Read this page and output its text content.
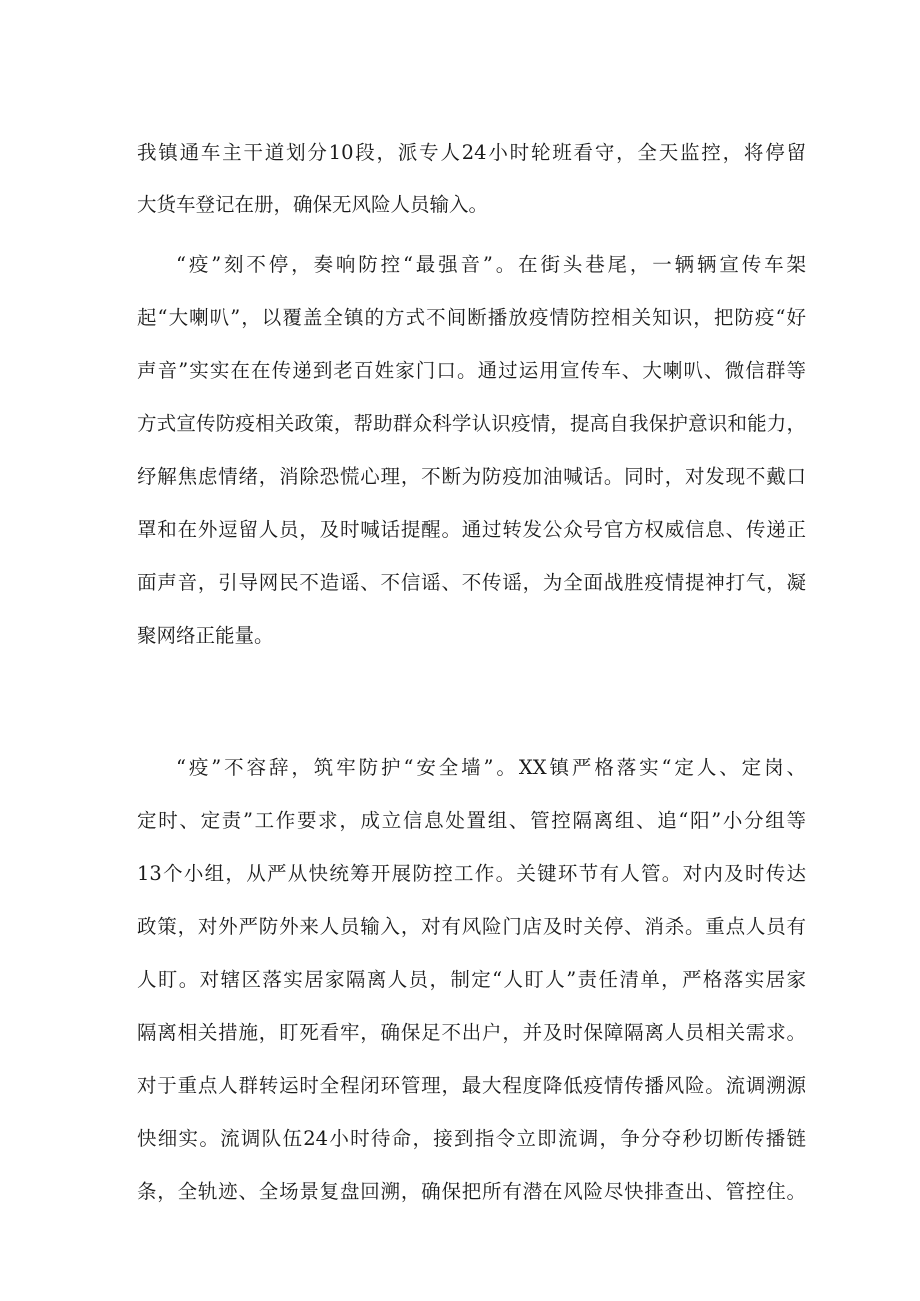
我镇通车主干道划分10段，派专人24小时轮班看守，全天监控，将停留
大货车登记在册，确保无风险人员输入。
“疫”刻不停，奏响防控“最强音”。在街头巷尾，一辆辆宣传车架
起“大喇叭”，以覆盖全镇的方式不间断播放疫情防控相关知识，把防疫“好
声音”实实在在传递到老百姓家门口。通过运用宣传车、大喇叭、微信群等
方式宣传防疫相关政策，帮助群众科学认识疫情，提高自我保护意识和能力，
纾解焦虑情绪，消除恐慌心理，不断为防疫加油喊话。同时，对发现不戴口
罩和在外逗留人员，及时喊话提醒。通过转发公众号官方权威信息、传递正
面声音，引导网民不造谣、不信谣、不传谣，为全面战胜疫情提神打气，凝
聚网络正能量。
“疫”不容辞，筑牢防护“安全墙”。XX镇严格落实“定人、定岗、
定时、定责”工作要求，成立信息处置组、管控隔离组、追“阳”小分组等
13个小组，从严从快统筹开展防控工作。关键环节有人管。对内及时传达
政策，对外严防外来人员输入，对有风险门店及时关停、消杀。重点人员有
人盯。对辖区落实居家隔离人员，制定“人盯人”责任清单，严格落实居家
隔离相关措施，盯死看牢，确保足不出户，并及时保障隔离人员相关需求。
对于重点人群转运时全程闭环管理，最大程度降低疫情传播风险。流调溯源
快细实。流调队伍24小时待命，接到指令立即流调，争分夺秒切断传播链
条，全轨迹、全场景复盘回溯，确保把所有潜在风险尽快排查出、管控住。
